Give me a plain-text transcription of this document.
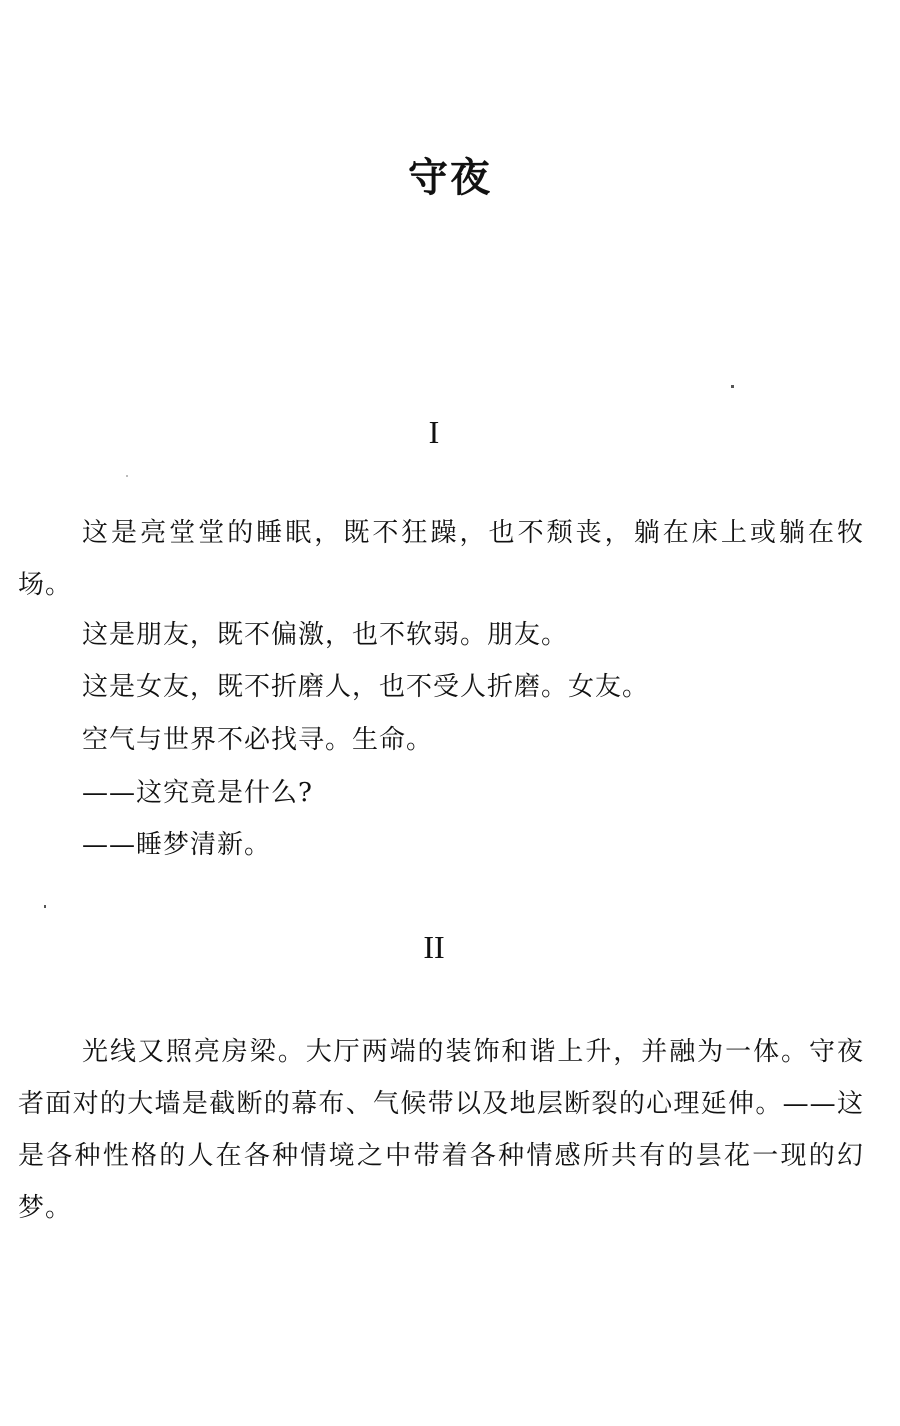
守夜
I

这是亮堂堂的睡眠，既不狂躁，也不颓丧，躺在床上或躺在牧场。

这是朋友，既不偏激，也不软弱。朋友。

这是女友，既不折磨人，也不受人折磨。女友。

空气与世界不必找寻。生命。

——这究竟是什么?

——睡梦清新。

II

光线又照亮房梁。大厅两端的装饰和谐上升，并融为一体。守夜者面对的大墙是截断的幕布、气候带以及地层断裂的心理延伸。——这是各种性格的人在各种情境之中带着各种情感所共有的昙花一现的幻梦。
